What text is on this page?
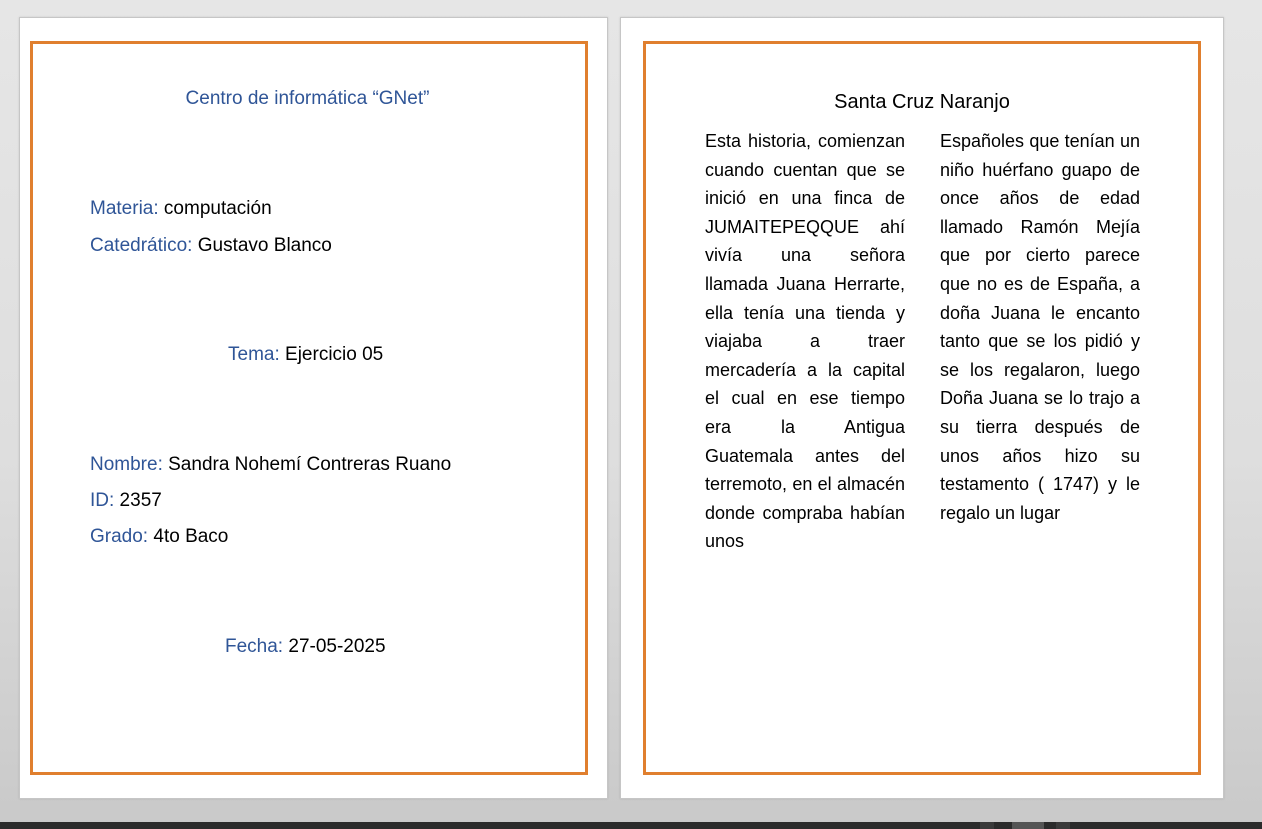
Centro de informática “GNet”
Materia: computación
Catedrático: Gustavo Blanco
Tema: Ejercicio 05
Nombre: Sandra Nohemí Contreras Ruano
ID: 2357
Grado: 4to Baco
Fecha: 27-05-2025
Santa Cruz Naranjo
Esta historia, comienzan cuando cuentan que se inició en una finca de JUMAITEPEQQUE ahí vivía una señora llamada Juana Herrarte, ella tenía una tienda y viajaba a traer mercadería a la capital el cual en ese tiempo era la Antigua Guatemala antes del terremoto, en el almacén donde compraba habían unos
Españoles que tenían un niño huérfano guapo de once años de edad llamado Ramón Mejía que por cierto parece que no es de España, a doña Juana le encanto tanto que se los pidió y se los regalaron, luego Doña Juana se lo trajo a su tierra después de unos años hizo su testamento ( 1747) y le regalo un lugar
